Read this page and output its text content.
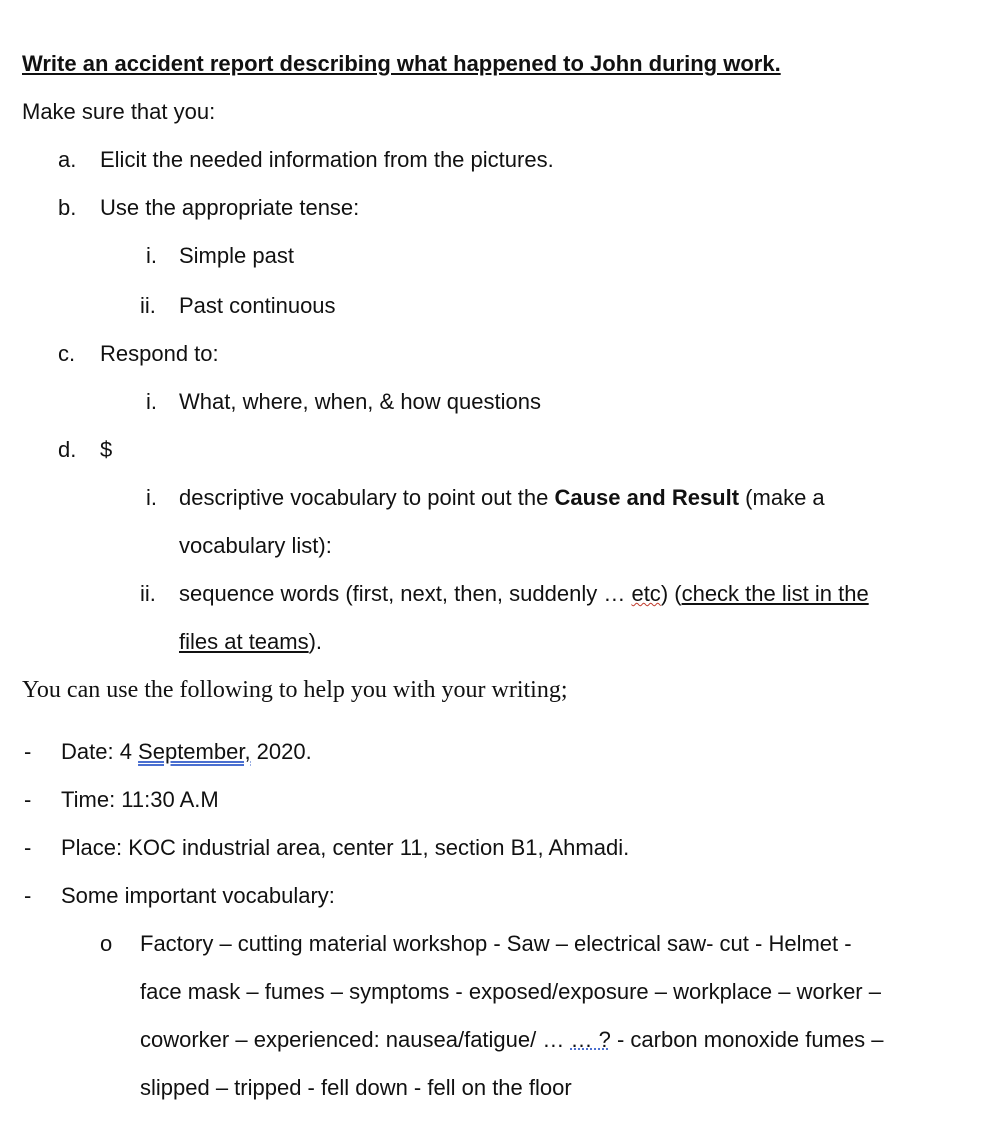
Write an accident report describing what happened to John during work.
Make sure that you:
a. Elicit the needed information from the pictures.
b. Use the appropriate tense:
i. Simple past
ii. Past continuous
c. Respond to:
i. What, where, when, & how questions
d. $
i. descriptive vocabulary to point out the Cause and Result (make a
vocabulary list):
ii. sequence words (first, next, then, suddenly … etc) (check the list in the
files at teams).
You can use the following to help you with your writing;
- Date: 4 September, 2020.
- Time: 11:30 A.M
- Place: KOC industrial area, center 11, section B1, Ahmadi.
- Some important vocabulary:
o Factory – cutting material workshop - Saw – electrical saw- cut - Helmet -
face mask – fumes – symptoms - exposed/exposure – workplace – worker –
coworker – experienced: nausea/fatigue/ … … ? - carbon monoxide fumes –
slipped – tripped - fell down - fell on the floor
